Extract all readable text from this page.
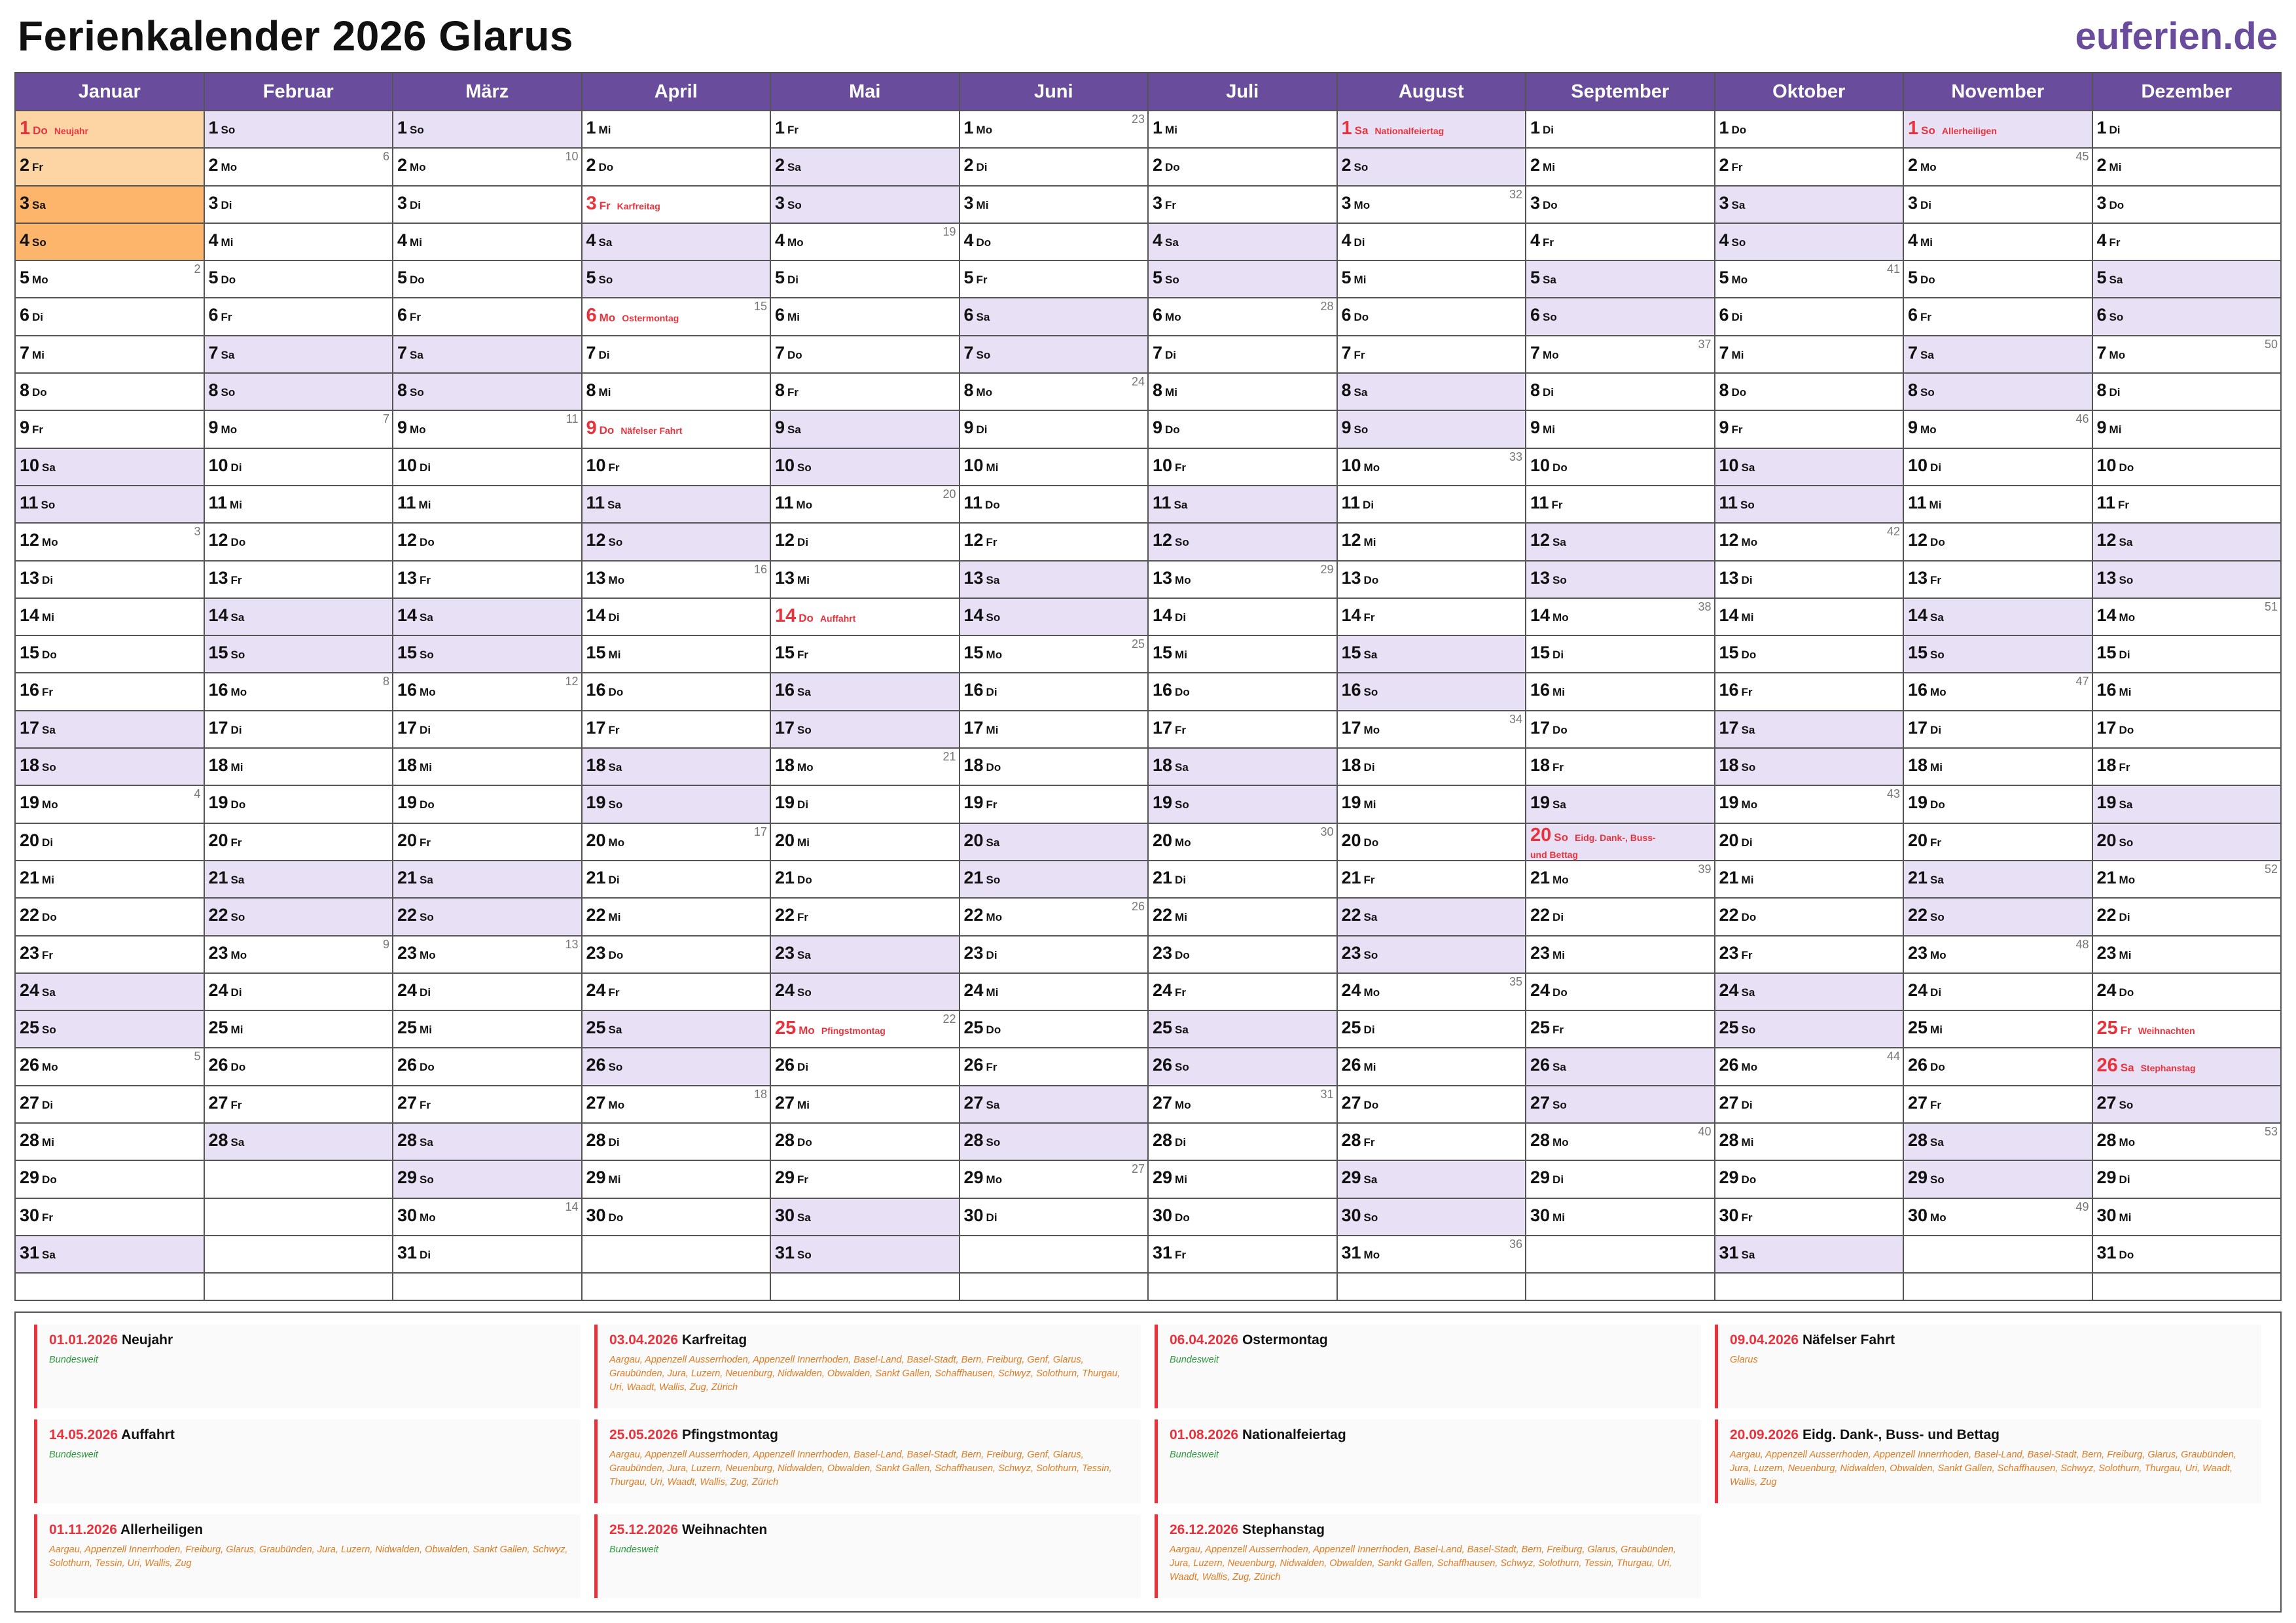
Ferienkalender 2026 Glarus	euferien.de
Januar
1 Do Neujahr
2 Fr
3 Sa
4 So
5 Mo
2
6 Di
7 Mi
8 Do
9 Fr
10 Sa
11 So
12 Mo
3
13 Di
14 Mi
15 Do
16 Fr
17 Sa
18 So
19 Mo
4
20 Di
21 Mi
22 Do
23 Fr
24 Sa
25 So
26 Mo
5
27 Di
28 Mi
29 Do
30 Fr
31 Sa
Februar
1 So
2 Mo
6
3 Di
4 Mi
5 Do
6 Fr
7 Sa
8 So
9 Mo
7
10 Di
11 Mi
12 Do
13 Fr
14 Sa
15 So
16 Mo
8
17 Di
18 Mi
19 Do
20 Fr
21 Sa
22 So
23 Mo
9
24 Di
25 Mi
26 Do
27 Fr
28 Sa
März
1 So
2 Mo
10
3 Di
4 Mi
5 Do
6 Fr
7 Sa
8 So
9 Mo
11
10 Di
11 Mi
12 Do
13 Fr
14 Sa
15 So
16 Mo
12
17 Di
18 Mi
19 Do
20 Fr
21 Sa
22 So
23 Mo
13
24 Di
25 Mi
26 Do
27 Fr
28 Sa
29 So
30 Mo
14
31 Di
April
1 Mi
2 Do
3 Fr Karfreitag
4 Sa
5 So
6 Mo Ostermontag
15
7 Di
8 Mi
9 Do Näfelser Fahrt
10 Fr
11 Sa
12 So
13 Mo
16
14 Di
15 Mi
16 Do
17 Fr
18 Sa
19 So
20 Mo
17
21 Di
22 Mi
23 Do
24 Fr
25 Sa
26 So
27 Mo
18
28 Di
29 Mi
30 Do
Mai
1 Fr
2 Sa
3 So
4 Mo
19
5 Di
6 Mi
7 Do
8 Fr
9 Sa
10 So
11 Mo
20
12 Di
13 Mi
14 Do Auffahrt
15 Fr
16 Sa
17 So
18 Mo
21
19 Di
20 Mi
21 Do
22 Fr
23 Sa
24 So
25 Mo Pfingstmontag
22
26 Di
27 Mi
28 Do
29 Fr
30 Sa
31 So
Juni
1 Mo
23
2 Di
3 Mi
4 Do
5 Fr
6 Sa
7 So
8 Mo
24
9 Di
10 Mi
11 Do
12 Fr
13 Sa
14 So
15 Mo
25
16 Di
17 Mi
18 Do
19 Fr
20 Sa
21 So
22 Mo
26
23 Di
24 Mi
25 Do
26 Fr
27 Sa
28 So
29 Mo
27
30 Di
Juli
1 Mi
2 Do
3 Fr
4 Sa
5 So
6 Mo
28
7 Di
8 Mi
9 Do
10 Fr
11 Sa
12 So
13 Mo
29
14 Di
15 Mi
16 Do
17 Fr
18 Sa
19 So
20 Mo
30
21 Di
22 Mi
23 Do
24 Fr
25 Sa
26 So
27 Mo
31
28 Di
29 Mi
30 Do
31 Fr
August
1 Sa Nationalfeiertag
2 So
3 Mo
32
4 Di
5 Mi
6 Do
7 Fr
8 Sa
9 So
10 Mo
33
11 Di
12 Mi
13 Do
14 Fr
15 Sa
16 So
17 Mo
34
18 Di
19 Mi
20 Do
21 Fr
22 Sa
23 So
24 Mo
35
25 Di
26 Mi
27 Do
28 Fr
29 Sa
30 So
31 Mo
36
September
1 Di
2 Mi
3 Do
4 Fr
5 Sa
6 So
7 Mo
37
8 Di
9 Mi
10 Do
11 Fr
12 Sa
13 So
14 Mo
38
15 Di
16 Mi
17 Do
18 Fr
19 Sa
20 So Eidg. Dank-, Buss- und Bettag
21 Mo
39
22 Di
23 Mi
24 Do
25 Fr
26 Sa
27 So
28 Mo
40
29 Di
30 Mi
Oktober
1 Do
2 Fr
3 Sa
4 So
5 Mo
41
6 Di
7 Mi
8 Do
9 Fr
10 Sa
11 So
12 Mo
42
13 Di
14 Mi
15 Do
16 Fr
17 Sa
18 So
19 Mo
43
20 Di
21 Mi
22 Do
23 Fr
24 Sa
25 So
26 Mo
44
27 Di
28 Mi
29 Do
30 Fr
31 Sa
November
1 So Allerheiligen
2 Mo
45
3 Di
4 Mi
5 Do
6 Fr
7 Sa
8 So
9 Mo
46
10 Di
11 Mi
12 Do
13 Fr
14 Sa
15 So
16 Mo
47
17 Di
18 Mi
19 Do
20 Fr
21 Sa
22 So
23 Mo
48
24 Di
25 Mi
26 Do
27 Fr
28 Sa
29 So
30 Mo
49
Dezember
1 Di
2 Mi
3 Do
4 Fr
5 Sa
6 So
7 Mo
50
8 Di
9 Mi
10 Do
11 Fr
12 Sa
13 So
14 Mo
51
15 Di
16 Mi
17 Do
18 Fr
19 Sa
20 So
21 Mo
52
22 Di
23 Mi
24 Do
25 Fr Weihnachten
26 Sa Stephanstag
27 So
28 Mo
53
29 Di
30 Mi
31 Do
01.01.2026 Neujahr
Bundesweit
03.04.2026 Karfreitag
Aargau, Appenzell Ausserrhoden, Appenzell Innerrhoden, Basel-Land, Basel-Stadt, Bern, Freiburg, Genf, Glarus, Graubünden, Jura, Luzern, Neuenburg, Nidwalden, Obwalden, Sankt Gallen, Schaffhausen, Schwyz, Solothurn, Thurgau, Uri, Waadt, Wallis, Zug, Zürich
06.04.2026 Ostermontag
Bundesweit
09.04.2026 Näfelser Fahrt
Glarus
14.05.2026 Auffahrt
Bundesweit
25.05.2026 Pfingstmontag
Aargau, Appenzell Ausserrhoden, Appenzell Innerrhoden, Basel-Land, Basel-Stadt, Bern, Freiburg, Genf, Glarus, Graubünden, Jura, Luzern, Neuenburg, Nidwalden, Obwalden, Sankt Gallen, Schaffhausen, Schwyz, Solothurn, Tessin, Thurgau, Uri, Waadt, Wallis, Zug, Zürich
01.08.2026 Nationalfeiertag
Bundesweit
20.09.2026 Eidg. Dank-, Buss- und Bettag
Aargau, Appenzell Ausserrhoden, Appenzell Innerrhoden, Basel-Land, Basel-Stadt, Bern, Freiburg, Glarus, Graubünden, Jura, Luzern, Neuenburg, Nidwalden, Obwalden, Sankt Gallen, Schaffhausen, Schwyz, Solothurn, Thurgau, Uri, Waadt, Wallis, Zug
01.11.2026 Allerheiligen
Aargau, Appenzell Innerrhoden, Freiburg, Glarus, Graubünden, Jura, Luzern, Nidwalden, Obwalden, Sankt Gallen, Schwyz, Solothurn, Tessin, Uri, Wallis, Zug
25.12.2026 Weihnachten
Bundesweit
26.12.2026 Stephanstag
Aargau, Appenzell Ausserrhoden, Appenzell Innerrhoden, Basel-Land, Basel-Stadt, Bern, Freiburg, Glarus, Graubünden, Jura, Luzern, Neuenburg, Nidwalden, Obwalden, Sankt Gallen, Schaffhausen, Schwyz, Solothurn, Tessin, Thurgau, Uri, Waadt, Wallis, Zug, Zürich
